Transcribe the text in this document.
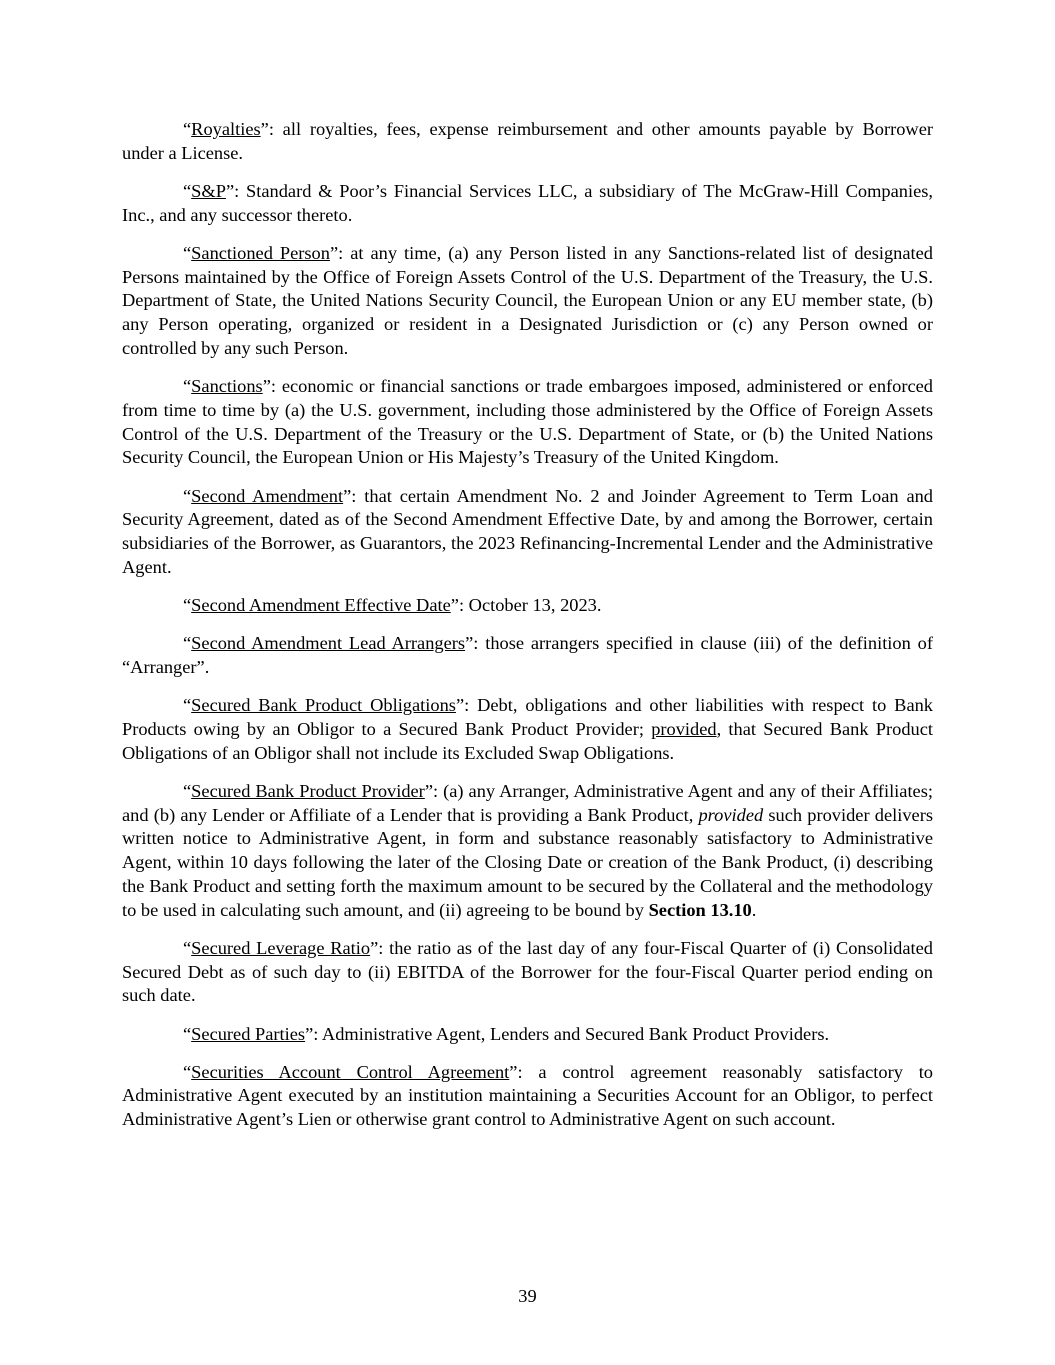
“Royalties”: all royalties, fees, expense reimbursement and other amounts payable by Borrower under a License.

“S&P”: Standard & Poor’s Financial Services LLC, a subsidiary of The McGraw-Hill Companies, Inc., and any successor thereto.

“Sanctioned Person”: at any time, (a) any Person listed in any Sanctions-related list of designated Persons maintained by the Office of Foreign Assets Control of the U.S. Department of the Treasury, the U.S. Department of State, the United Nations Security Council, the European Union or any EU member state, (b) any Person operating, organized or resident in a Designated Jurisdiction or (c) any Person owned or controlled by any such Person.

“Sanctions”: economic or financial sanctions or trade embargoes imposed, administered or enforced from time to time by (a) the U.S. government, including those administered by the Office of Foreign Assets Control of the U.S. Department of the Treasury or the U.S. Department of State, or (b) the United Nations Security Council, the European Union or His Majesty’s Treasury of the United Kingdom.

“Second Amendment”: that certain Amendment No. 2 and Joinder Agreement to Term Loan and Security Agreement, dated as of the Second Amendment Effective Date, by and among the Borrower, certain subsidiaries of the Borrower, as Guarantors, the 2023 Refinancing-Incremental Lender and the Administrative Agent.

“Second Amendment Effective Date”: October 13, 2023.

“Second Amendment Lead Arrangers”: those arrangers specified in clause (iii) of the definition of “Arranger”.

“Secured Bank Product Obligations”: Debt, obligations and other liabilities with respect to Bank Products owing by an Obligor to a Secured Bank Product Provider; provided, that Secured Bank Product Obligations of an Obligor shall not include its Excluded Swap Obligations.

“Secured Bank Product Provider”: (a) any Arranger, Administrative Agent and any of their Affiliates; and (b) any Lender or Affiliate of a Lender that is providing a Bank Product, provided such provider delivers written notice to Administrative Agent, in form and substance reasonably satisfactory to Administrative Agent, within 10 days following the later of the Closing Date or creation of the Bank Product, (i) describing the Bank Product and setting forth the maximum amount to be secured by the Collateral and the methodology to be used in calculating such amount, and (ii) agreeing to be bound by Section 13.10.

“Secured Leverage Ratio”: the ratio as of the last day of any four-Fiscal Quarter of (i) Consolidated Secured Debt as of such day to (ii) EBITDA of the Borrower for the four-Fiscal Quarter period ending on such date.

“Secured Parties”: Administrative Agent, Lenders and Secured Bank Product Providers.

“Securities Account Control Agreement”: a control agreement reasonably satisfactory to Administrative Agent executed by an institution maintaining a Securities Account for an Obligor, to perfect Administrative Agent’s Lien or otherwise grant control to Administrative Agent on such account.

39
